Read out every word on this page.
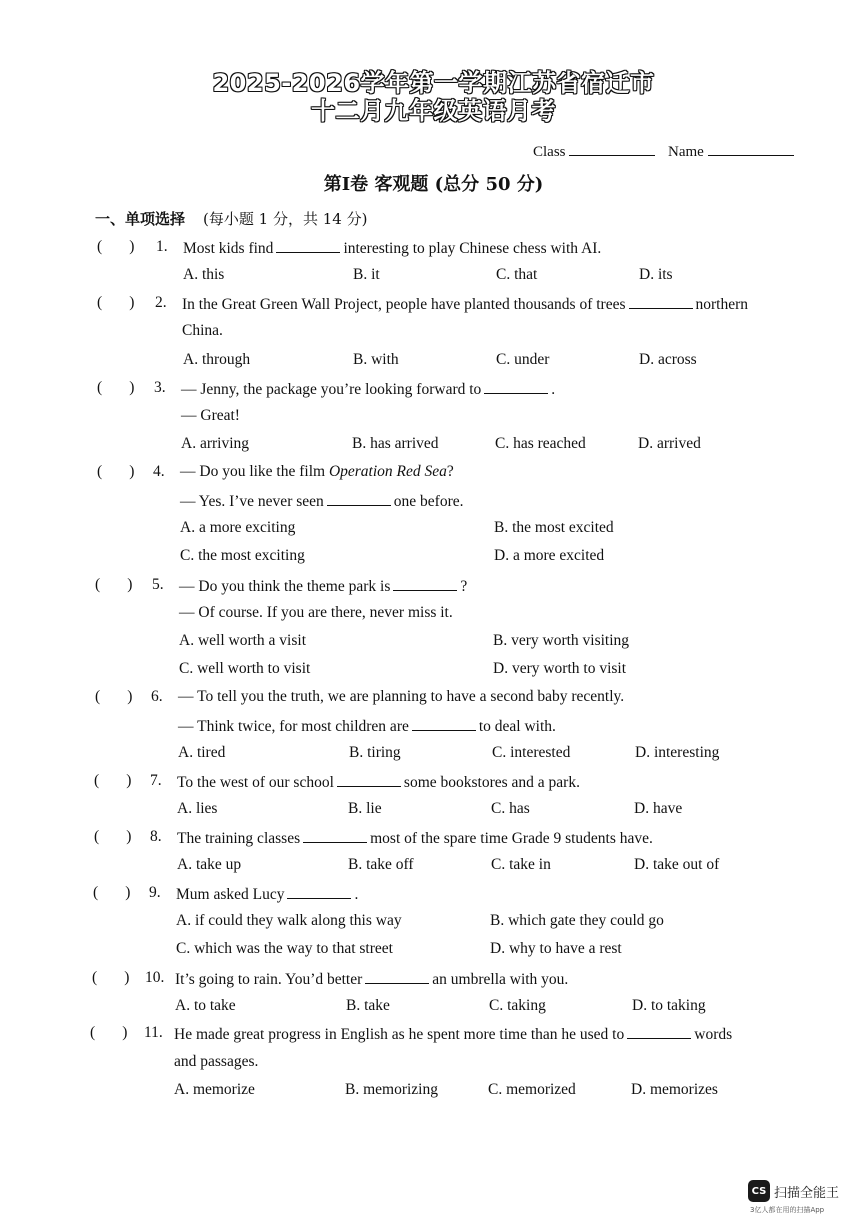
2025-2026学年第一学期江苏省宿迁市
十二月九年级英语月考
Class	Name
第Ⅰ卷 客观题 (总分 50 分)
一、单项选择 (每小题 1 分，共 14 分)
(       ) 1. Most kids find	interesting to play Chinese chess with AI.
A. this	B. it	C. that	D. its
(       ) 2. In the Great Green Wall Project, people have planted thousands of trees	northern
China.
A. through	B. with	C. under	D. across
(       ) 3. — Jenny, the package you’re looking forward to	.
— Great!
A. arriving	B. has arrived	C. has reached	D. arrived
(       ) 4. — Do you like the film Operation Red Sea?
— Yes. I’ve never seen	one before.
A. a more exciting	B. the most excited
C. the most exciting	D. a more excited
(       ) 5. — Do you think the theme park is	?
— Of course. If you are there, never miss it.
A. well worth a visit	B. very worth visiting
C. well worth to visit	D. very worth to visit
(       ) 6. — To tell you the truth, we are planning to have a second baby recently.
— Think twice, for most children are	to deal with.
A. tired	B. tiring	C. interested	D. interesting
(       ) 7. To the west of our school	some bookstores and a park.
A. lies	B. lie	C. has	D. have
(       ) 8. The training classes	most of the spare time Grade 9 students have.
A. take up	B. take off	C. take in	D. take out of
(       ) 9. Mum asked Lucy	.
A. if could they walk along this way	B. which gate they could go
C. which was the way to that street	D. why to have a rest
(       ) 10. It’s going to rain. You’d better	an umbrella with you.
A. to take	B. take	C. taking	D. to taking
(       ) 11. He made great progress in English as he spent more time than he used to	words
and passages.
A. memorize	B. memorizing	C. memorized	D. memorizes
CS 扫描全能王
3亿人都在用的扫描App
